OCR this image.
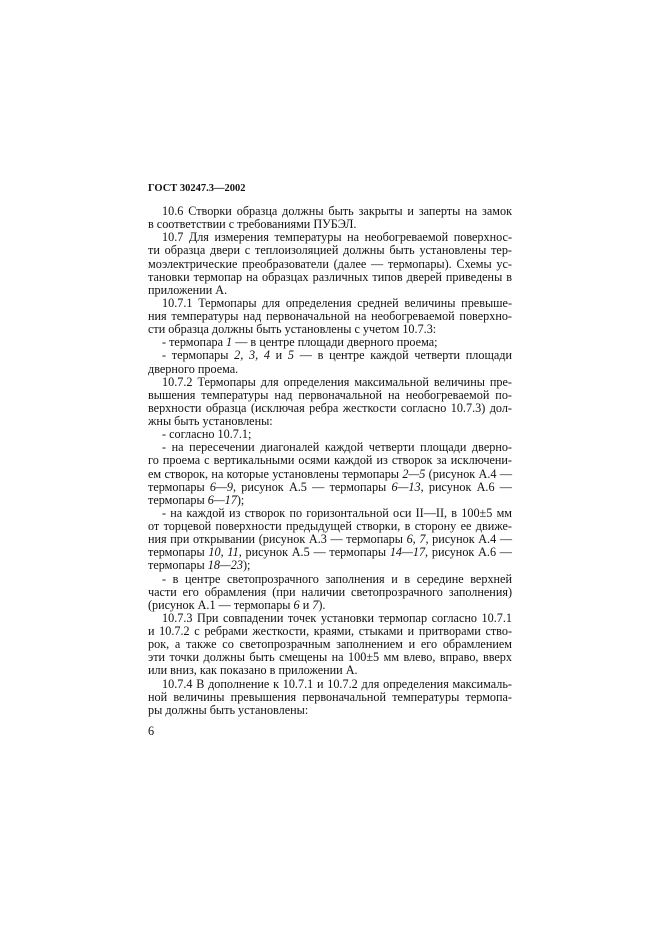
ГОСТ 30247.3—2002
10.6 Створки образца должны быть закрыты и заперты на замок
в соответствии с требованиями ПУБЭЛ.
10.7 Для измерения температуры на необогреваемой поверхнос-
ти образца двери с теплоизоляцией должны быть установлены тер-
моэлектрические преобразователи (далее — термопары). Схемы ус-
тановки термопар на образцах различных типов дверей приведены в
приложении А.
10.7.1 Термопары для определения средней величины превыше-
ния температуры над первоначальной на необогреваемой поверхно-
сти образца должны быть установлены с учетом 10.7.3:
- термопара 1 — в центре площади дверного проема;
- термопары 2, 3, 4 и 5 — в центре каждой четверти площади
дверного проема.
10.7.2 Термопары для определения максимальной величины пре-
вышения температуры над первоначальной на необогреваемой по-
верхности образца (исключая ребра жесткости согласно 10.7.3) дол-
жны быть установлены:
- согласно 10.7.1;
- на пересечении диагоналей каждой четверти площади дверно-
го проема с вертикальными осями каждой из створок за исключени-
ем створок, на которые установлены термопары 2—5 (рисунок А.4 —
термопары 6—9, рисунок А.5 — термопары 6—13, рисунок А.6 —
термопары 6—17);
- на каждой из створок по горизонтальной оси II—II, в 100±5 мм
от торцевой поверхности предыдущей створки, в сторону ее движе-
ния при открывании (рисунок А.3 — термопары 6, 7, рисунок А.4 —
термопары 10, 11, рисунок А.5 — термопары 14—17, рисунок А.6 —
термопары 18—23);
- в центре светопрозрачного заполнения и в середине верхней
части его обрамления (при наличии светопрозрачного заполнения)
(рисунок А.1 — термопары 6 и 7).
10.7.3 При совпадении точек установки термопар согласно 10.7.1
и 10.7.2 с ребрами жесткости, краями, стыками и притворами ство-
рок, а также со светопрозрачным заполнением и его обрамлением
эти точки должны быть смещены на 100±5 мм влево, вправо, вверх
или вниз, как показано в приложении А.
10.7.4 В дополнение к 10.7.1 и 10.7.2 для определения максималь-
ной величины превышения первоначальной температуры термопа-
ры должны быть установлены:
6
